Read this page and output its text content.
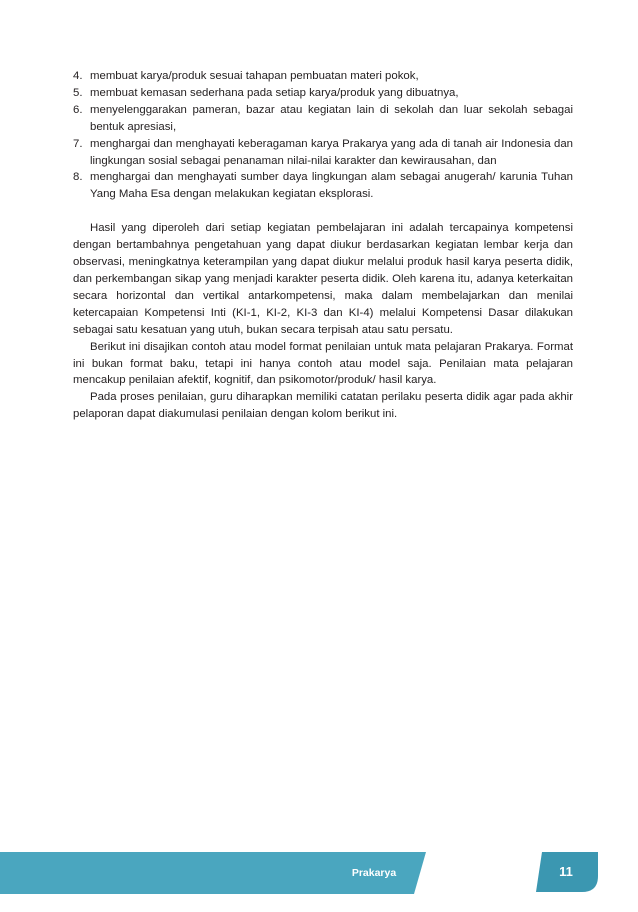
4. membuat karya/produk sesuai tahapan pembuatan materi pokok,
5. membuat kemasan sederhana pada setiap karya/produk yang dibuatnya,
6. menyelenggarakan pameran, bazar atau kegiatan lain di sekolah dan luar sekolah sebagai bentuk apresiasi,
7. menghargai dan menghayati keberagaman karya Prakarya yang ada di tanah air Indonesia dan lingkungan sosial sebagai penanaman nilai-nilai karakter dan kewirausahan, dan
8. menghargai dan menghayati sumber daya lingkungan alam sebagai anugerah/ karunia Tuhan Yang Maha Esa dengan melakukan kegiatan eksplorasi.

Hasil yang diperoleh dari setiap kegiatan pembelajaran ini adalah tercapainya kompetensi dengan bertambahnya pengetahuan yang dapat diukur berdasarkan kegiatan lembar kerja dan observasi, meningkatnya keterampilan yang dapat diukur melalui produk hasil karya peserta didik, dan perkembangan sikap yang menjadi karakter peserta didik. Oleh karena itu, adanya keterkaitan secara horizontal dan vertikal antarkompetensi, maka dalam membelajarkan dan menilai ketercapaian Kompetensi Inti (KI-1, KI-2, KI-3 dan KI-4) melalui Kompetensi Dasar dilakukan sebagai satu kesatuan yang utuh, bukan secara terpisah atau satu persatu.

Berikut ini disajikan contoh atau model format penilaian untuk mata pelajaran Prakarya. Format ini bukan format baku, tetapi ini hanya contoh atau model saja. Penilaian mata pelajaran mencakup penilaian afektif, kognitif, dan psikomotor/produk/ hasil karya.

Pada proses penilaian, guru diharapkan memiliki catatan perilaku peserta didik agar pada akhir pelaporan dapat diakumulasi penilaian dengan kolom berikut ini.

Prakarya	11
